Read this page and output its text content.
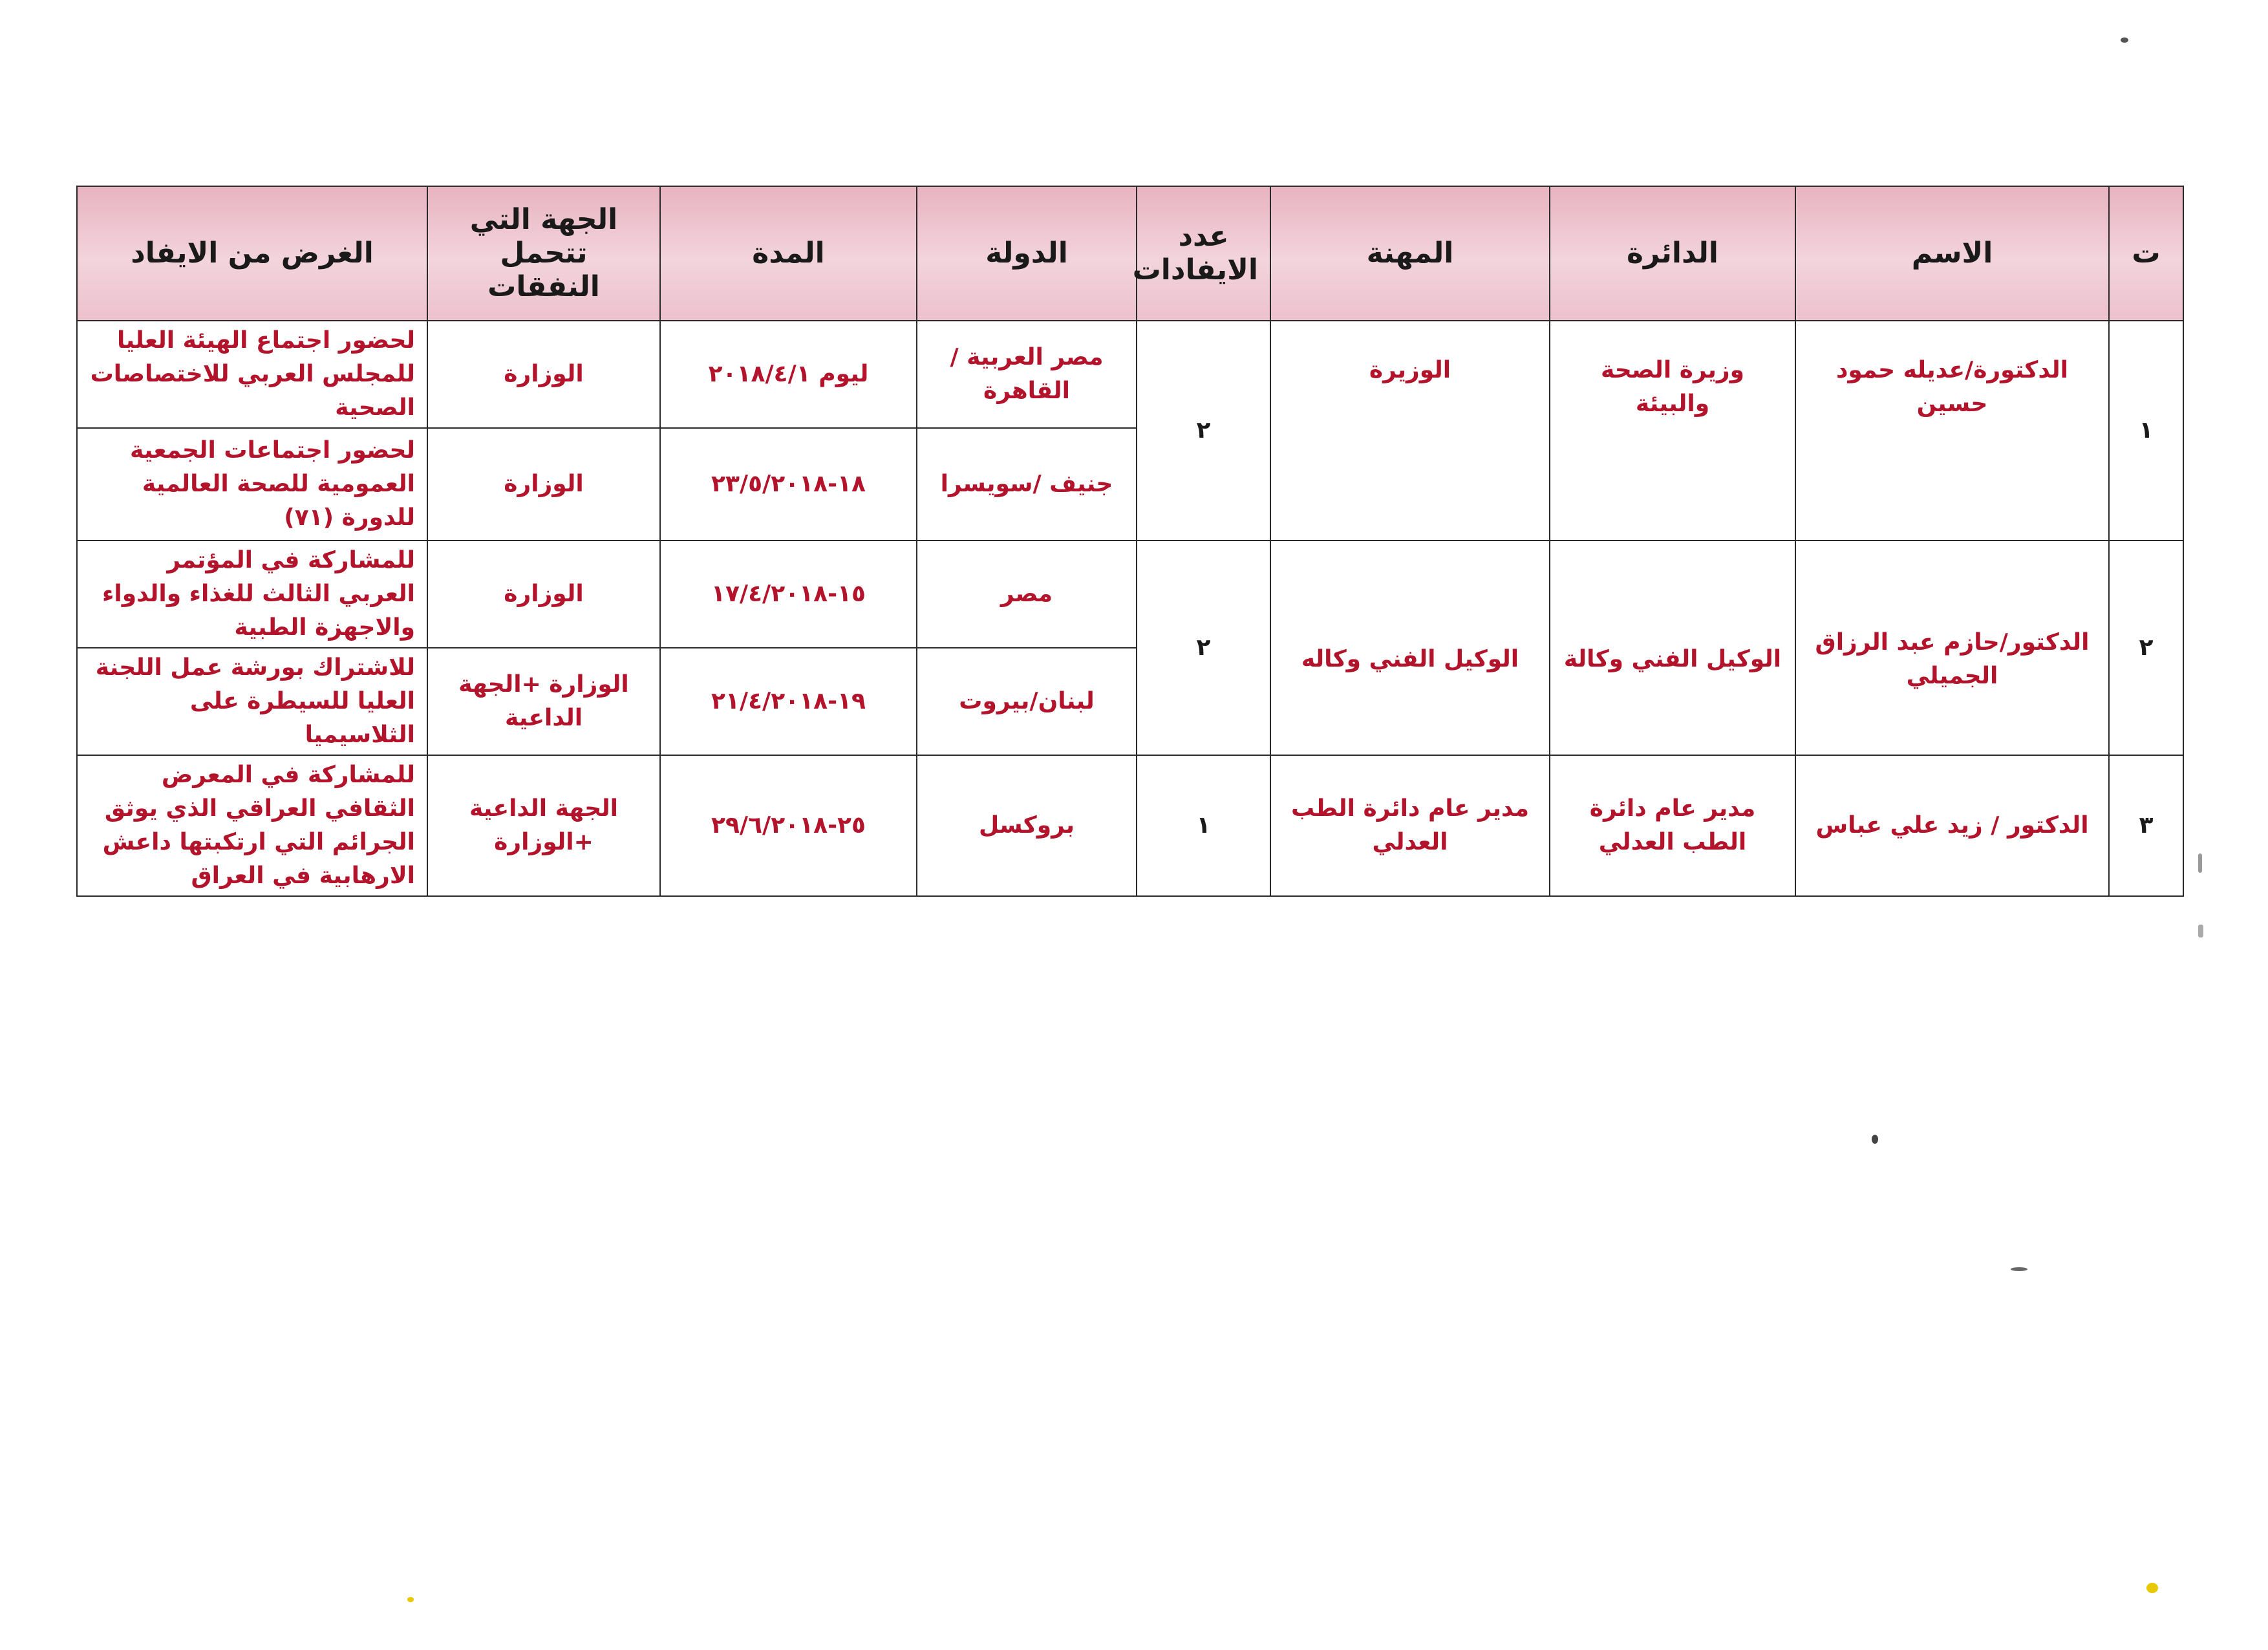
ت	الاسم	الدائرة	المهنة	عدد الايفادات	الدولة	المدة	الجهة التي تتحمل النفقات	الغرض من الايفاد
١	الدكتورة/عديله حمود حسين	وزيرة الصحة والبيئة	الوزيرة	٢	مصر العربية /القاهرة	ليوم ٢٠١٨/٤/١	الوزارة	لحضور اجتماع الهيئة العليا للمجلس العربي للاختصاصات الصحية
					جنيف /سويسرا	١٨-٢٣/٥/٢٠١٨	الوزارة	لحضور اجتماعات الجمعية العمومية للصحة العالمية للدورة (٧١)
٢	الدكتور/حازم عبد الرزاق الجميلي	الوكيل الفني وكالة	الوكيل الفني وكاله	٢	مصر	١٥-١٧/٤/٢٠١٨	الوزارة	للمشاركة في المؤتمر العربي الثالث للغذاء والدواء والاجهزة الطبية
					لبنان/بيروت	١٩-٢١/٤/٢٠١٨	الوزارة +الجهة الداعية	للاشتراك بورشة عمل اللجنة العليا للسيطرة على الثلاسيميا
٣	الدكتور / زيد علي عباس	مدير عام دائرة الطب العدلي	مدير عام دائرة الطب العدلي	١	بروكسل	٢٥-٢٩/٦/٢٠١٨	الجهة الداعية +الوزارة	للمشاركة في المعرض الثقافي العراقي الذي يوثق الجرائم التي ارتكبتها داعش الارهابية في العراق
